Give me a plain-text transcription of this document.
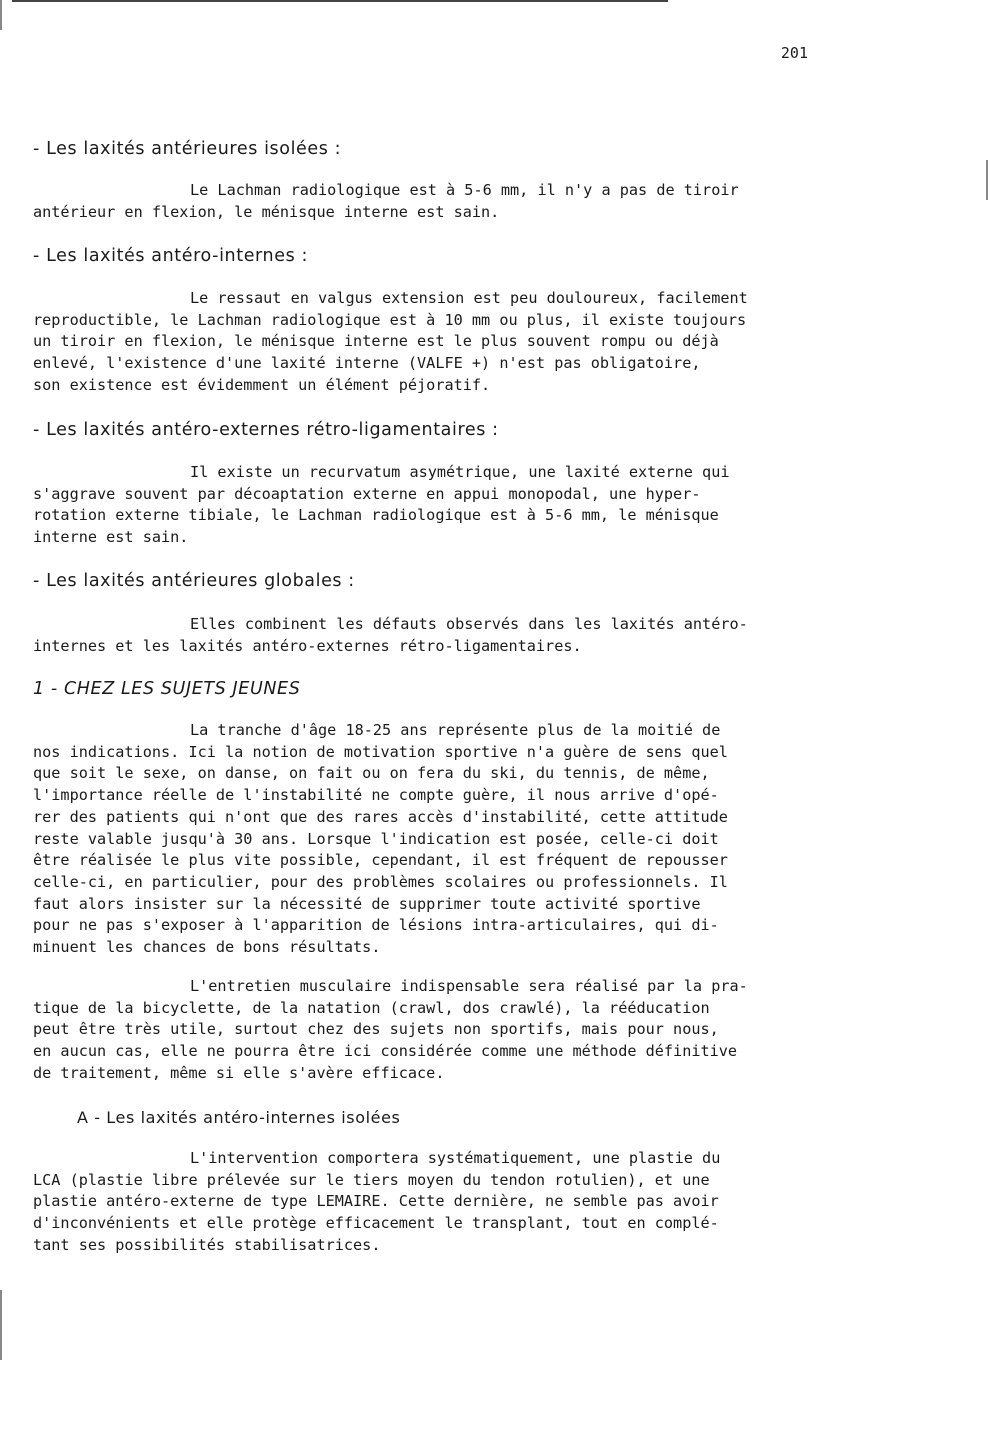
201
- Les laxités antérieures isolées :
Le Lachman radiologique est à 5-6 mm, il n'y a pas de tiroir
antérieur en flexion, le ménisque interne est sain.
- Les laxités antéro-internes :
Le ressaut en valgus extension est peu douloureux, facilement
reproductible, le Lachman radiologique est à 10 mm ou plus, il existe toujours
un tiroir en flexion, le ménisque interne est le plus souvent rompu ou déjà
enlevé, l'existence d'une laxité interne (VALFE +) n'est pas obligatoire,
son existence est évidemment un élément péjoratif.
- Les laxités antéro-externes rétro-ligamentaires :
Il existe un recurvatum asymétrique, une laxité externe qui
s'aggrave souvent par décoaptation externe en appui monopodal, une hyper-
rotation externe tibiale, le Lachman radiologique est à 5-6 mm, le ménisque
interne est sain.
- Les laxités antérieures globales :
Elles combinent les défauts observés dans les laxités antéro-
internes et les laxités antéro-externes rétro-ligamentaires.
1 - CHEZ LES SUJETS JEUNES
La tranche d'âge 18-25 ans représente plus de la moitié de
nos indications. Ici la notion de motivation sportive n'a guère de sens quel
que soit le sexe, on danse, on fait ou on fera du ski, du tennis, de même,
l'importance réelle de l'instabilité ne compte guère, il nous arrive d'opé-
rer des patients qui n'ont que des rares accès d'instabilité, cette attitude
reste valable jusqu'à 30 ans. Lorsque l'indication est posée, celle-ci doit
être réalisée le plus vite possible, cependant, il est fréquent de repousser
celle-ci, en particulier, pour des problèmes scolaires ou professionnels. Il
faut alors insister sur la nécessité de supprimer toute activité sportive
pour ne pas s'exposer à l'apparition de lésions intra-articulaires, qui di-
minuent les chances de bons résultats.
L'entretien musculaire indispensable sera réalisé par la pra-
tique de la bicyclette, de la natation (crawl, dos crawlé), la rééducation
peut être très utile, surtout chez des sujets non sportifs, mais pour nous,
en aucun cas, elle ne pourra être ici considérée comme une méthode définitive
de traitement, même si elle s'avère efficace.
A - Les laxités antéro-internes isolées
L'intervention comportera systématiquement, une plastie du
LCA (plastie libre prélevée sur le tiers moyen du tendon rotulien), et une
plastie antéro-externe de type LEMAIRE. Cette dernière, ne semble pas avoir
d'inconvénients et elle protège efficacement le transplant, tout en complé-
tant ses possibilités stabilisatrices.
